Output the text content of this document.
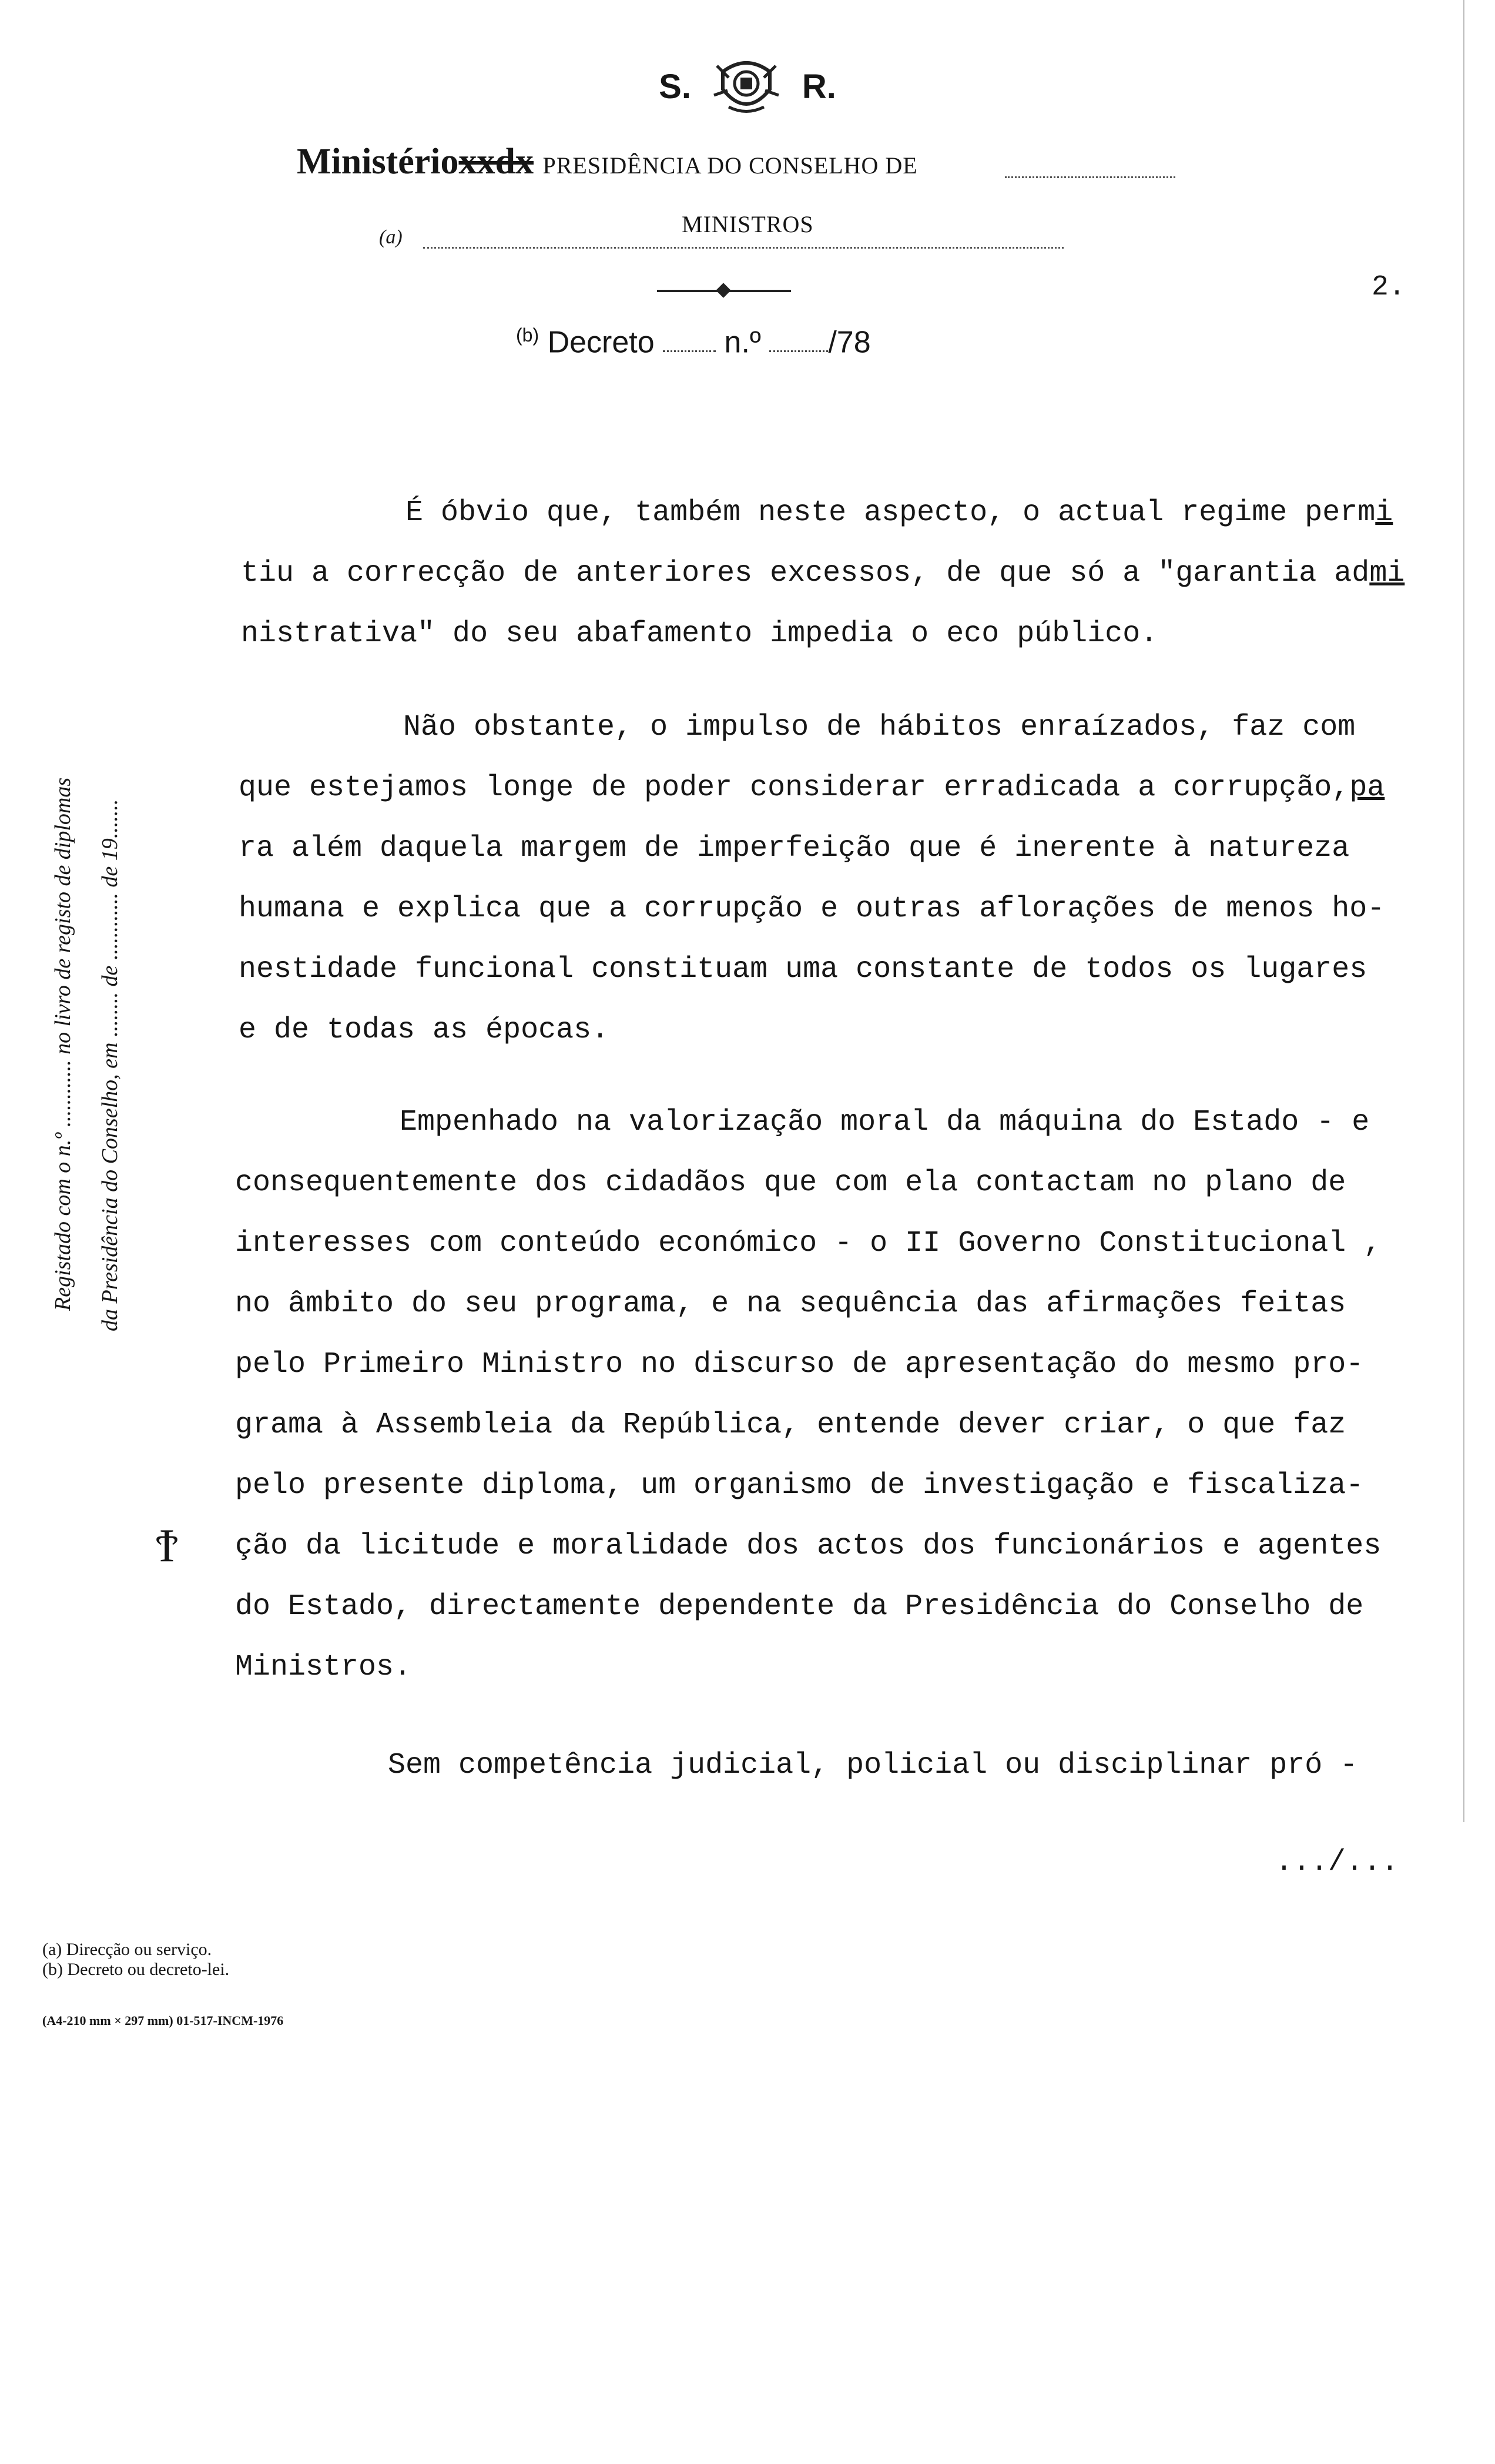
S.	R.
Ministérioxxdx PRESIDÊNCIA DO CONSELHO DE
(a)	MINISTROS
2.
$^{(b)}$ Decreto n.º /78
Registado com o n.º ............ no livro de registo de diplomas da Presidência do Conselho, em ........ de ............ de 19.......
É óbvio que, também neste aspecto, o actual regime permi
tiu a correcção de anteriores excessos, de que só a "garantia admi
nistrativa" do seu abafamento impedia o eco público.
Não obstante, o impulso de hábitos enraízados, faz com
que estejamos longe de poder considerar erradicada a corrupção,pa
ra além daquela margem de imperfeição que é inerente à natureza
humana e explica que a corrupção e outras aflorações de menos ho-
nestidade funcional constituam uma constante de todos os lugares
e de todas as épocas.
Empenhado na valorização moral da máquina do Estado - e
consequentemente dos cidadãos que com ela contactam no plano de
interesses com conteúdo económico - o II Governo Constitucional ,
no âmbito do seu programa, e na sequência das afirmações feitas
pelo Primeiro Ministro no discurso de apresentação do mesmo pro-
grama à Assembleia da República, entende dever criar, o que faz
pelo presente diploma, um organismo de investigação e fiscaliza-
ção da licitude e moralidade dos actos dos funcionários e agentes
do Estado, directamente dependente da Presidência do Conselho de
Ministros.
Sem competência judicial, policial ou disciplinar pró -
.../...
Ϯ
(a) Direcção ou serviço.
(b) Decreto ou decreto-lei.
(A4-210 mm × 297 mm) 01-517-INCM-1976
